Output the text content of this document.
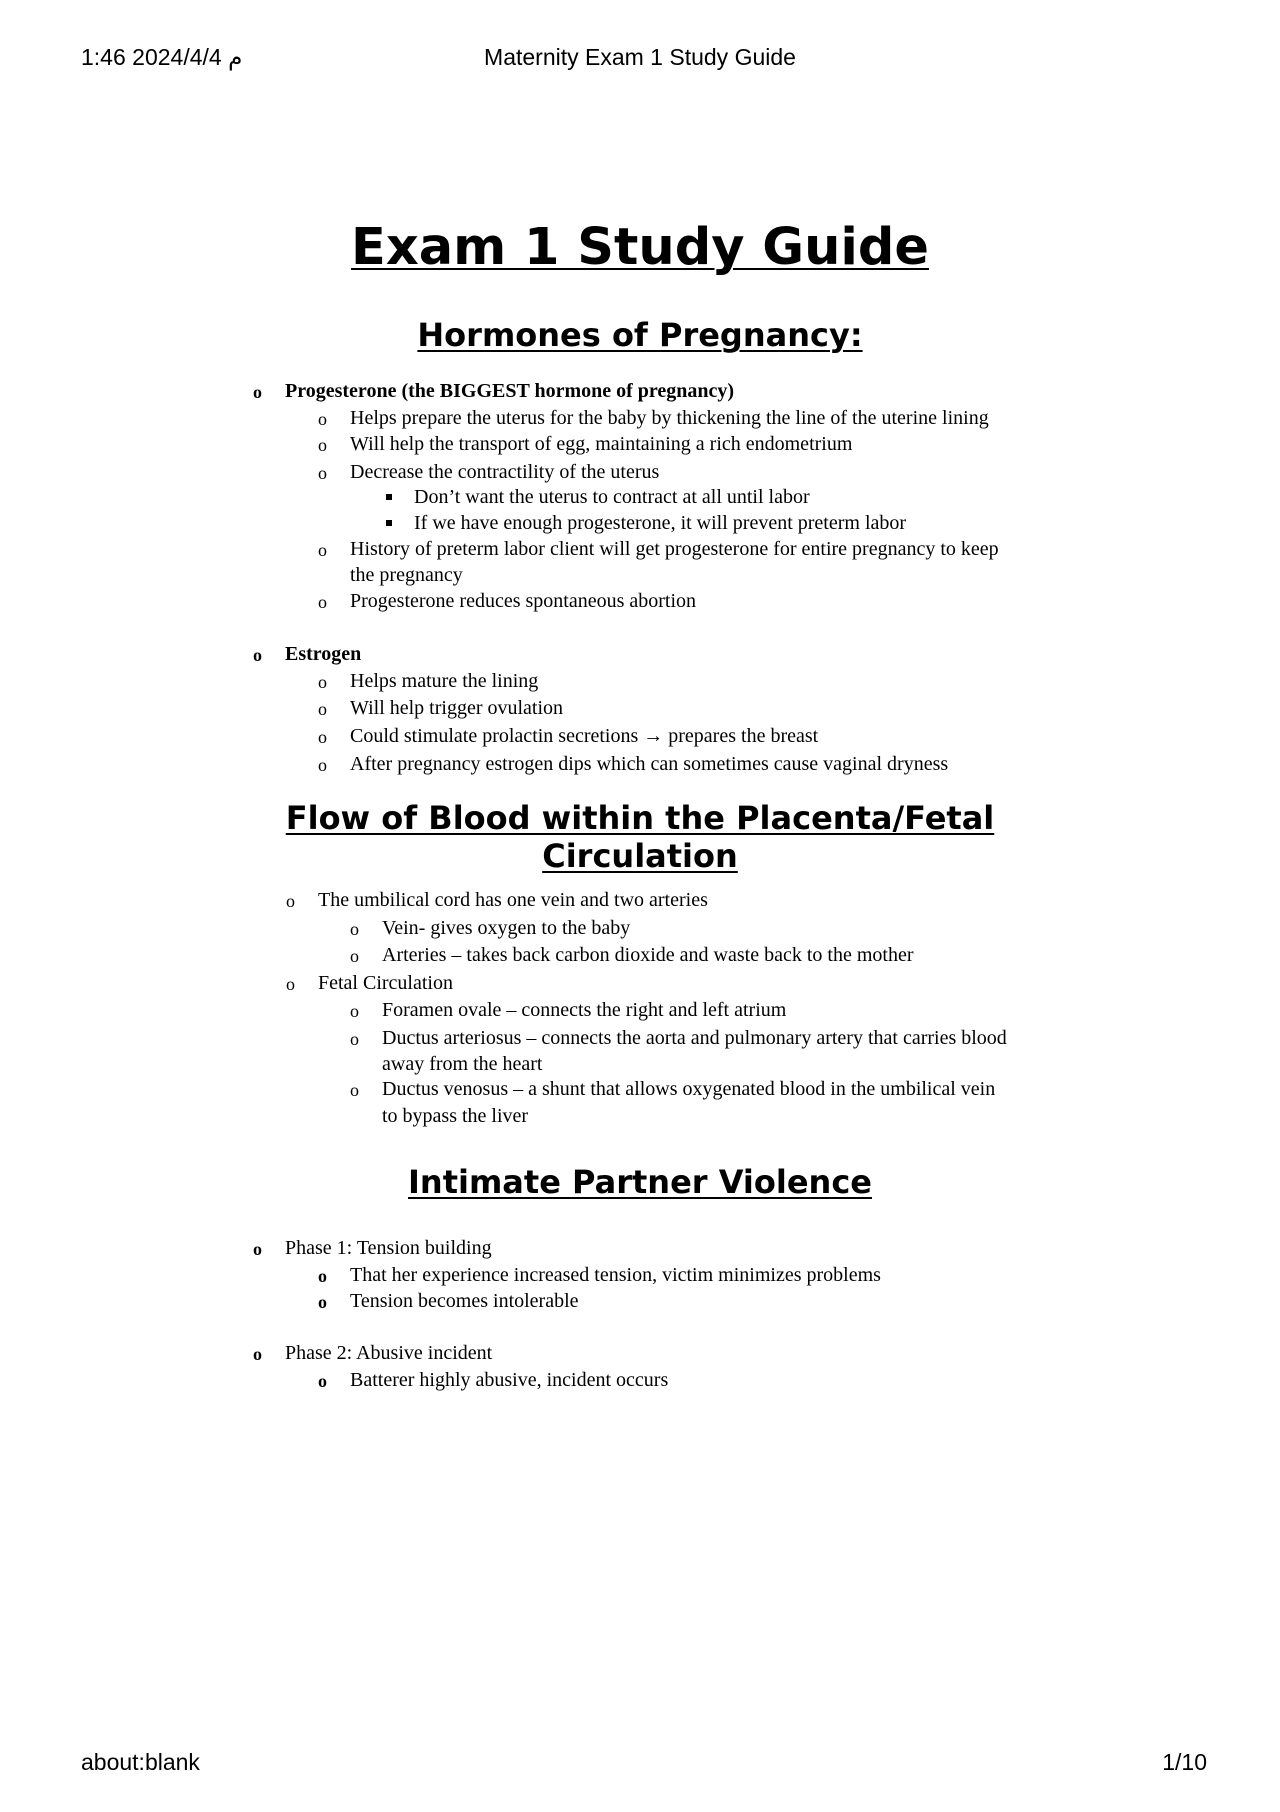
1:46 2024/4/4 م	Maternity Exam 1 Study Guide
Exam 1 Study Guide
Hormones of Pregnancy:
o Progesterone (the BIGGEST hormone of pregnancy)
o Helps prepare the uterus for the baby by thickening the line of the uterine lining
o Will help the transport of egg, maintaining a rich endometrium
o Decrease the contractility of the uterus
Don’t want the uterus to contract at all until labor
If we have enough progesterone, it will prevent preterm labor
o History of preterm labor client will get progesterone for entire pregnancy to keep
the pregnancy
o Progesterone reduces spontaneous abortion
o Estrogen
o Helps mature the lining
o Will help trigger ovulation
o Could stimulate prolactin secretions → prepares the breast
o After pregnancy estrogen dips which can sometimes cause vaginal dryness
Flow of Blood within the Placenta/Fetal
Circulation
o The umbilical cord has one vein and two arteries
o Vein- gives oxygen to the baby
o Arteries – takes back carbon dioxide and waste back to the mother
o Fetal Circulation
o Foramen ovale – connects the right and left atrium
o Ductus arteriosus – connects the aorta and pulmonary artery that carries blood
away from the heart
o Ductus venosus – a shunt that allows oxygenated blood in the umbilical vein
to bypass the liver
Intimate Partner Violence
o Phase 1: Tension building
o That her experience increased tension, victim minimizes problems
o Tension becomes intolerable
o Phase 2: Abusive incident
o Batterer highly abusive, incident occurs
about:blank	1/10
